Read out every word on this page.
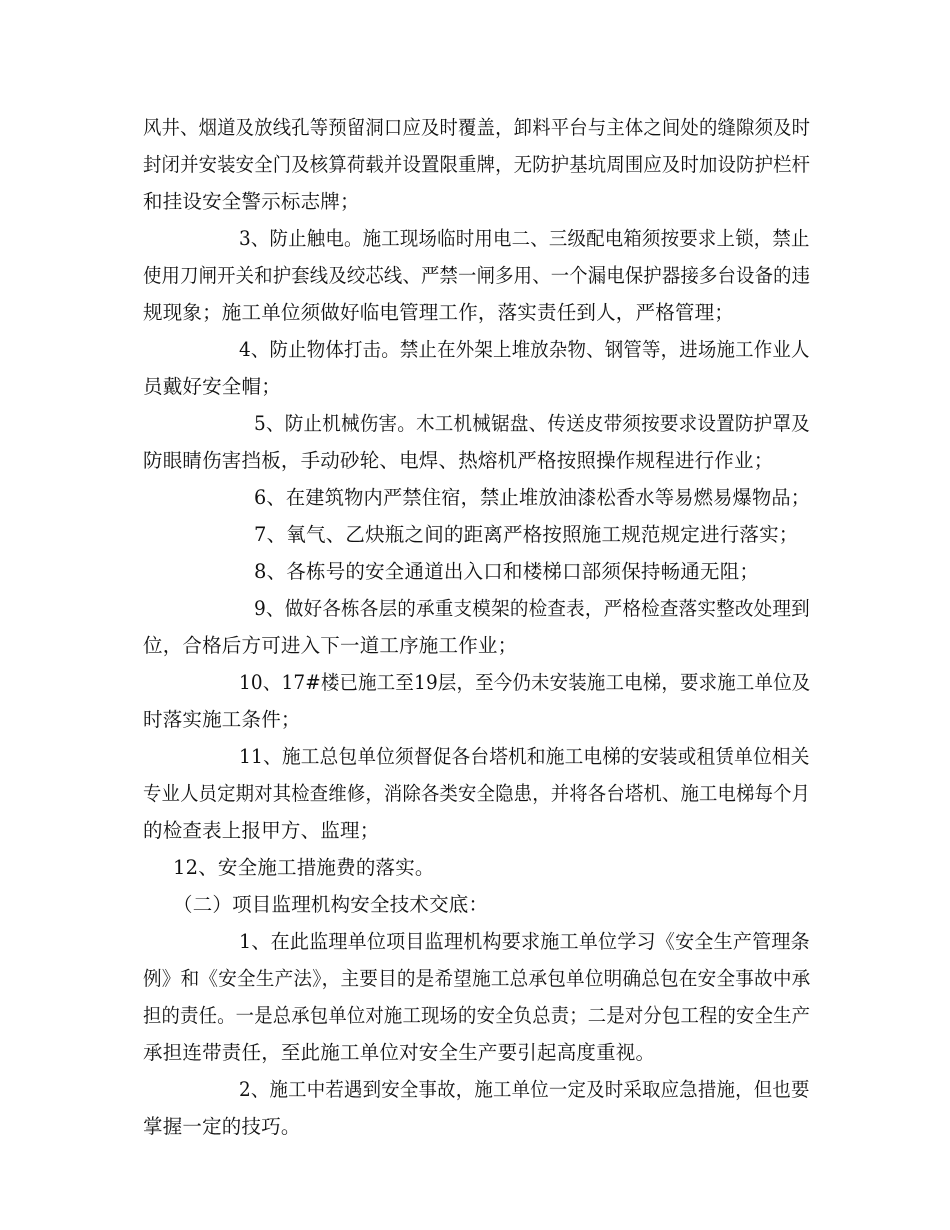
风井、烟道及放线孔等预留洞口应及时覆盖，卸料平台与主体之间处的缝隙须及时
封闭并安装安全门及核算荷载并设置限重牌，无防护基坑周围应及时加设防护栏杆
和挂设安全警示标志牌；
3、防止触电。施工现场临时用电二、三级配电箱须按要求上锁，禁止
使用刀闸开关和护套线及绞芯线、严禁一闸多用、一个漏电保护器接多台设备的违
规现象；施工单位须做好临电管理工作，落实责任到人，严格管理；
4、防止物体打击。禁止在外架上堆放杂物、钢管等，进场施工作业人
员戴好安全帽；
5、防止机械伤害。木工机械锯盘、传送皮带须按要求设置防护罩及
防眼睛伤害挡板，手动砂轮、电焊、热熔机严格按照操作规程进行作业；
6、在建筑物内严禁住宿，禁止堆放油漆松香水等易燃易爆物品；
7、氧气、乙炔瓶之间的距离严格按照施工规范规定进行落实；
8、各栋号的安全通道出入口和楼梯口部须保持畅通无阻；
9、做好各栋各层的承重支模架的检查表，严格检查落实整改处理到
位，合格后方可进入下一道工序施工作业；
10、17#楼已施工至19层，至今仍未安装施工电梯，要求施工单位及
时落实施工条件；
11、施工总包单位须督促各台塔机和施工电梯的安装或租赁单位相关
专业人员定期对其检查维修，消除各类安全隐患，并将各台塔机、施工电梯每个月
的检查表上报甲方、监理；
12、安全施工措施费的落实。
（二）项目监理机构安全技术交底：
1、在此监理单位项目监理机构要求施工单位学习《安全生产管理条
例》和《安全生产法》，主要目的是希望施工总承包单位明确总包在安全事故中承
担的责任。一是总承包单位对施工现场的安全负总责；二是对分包工程的安全生产
承担连带责任，至此施工单位对安全生产要引起高度重视。
2、施工中若遇到安全事故，施工单位一定及时采取应急措施，但也要
掌握一定的技巧。
